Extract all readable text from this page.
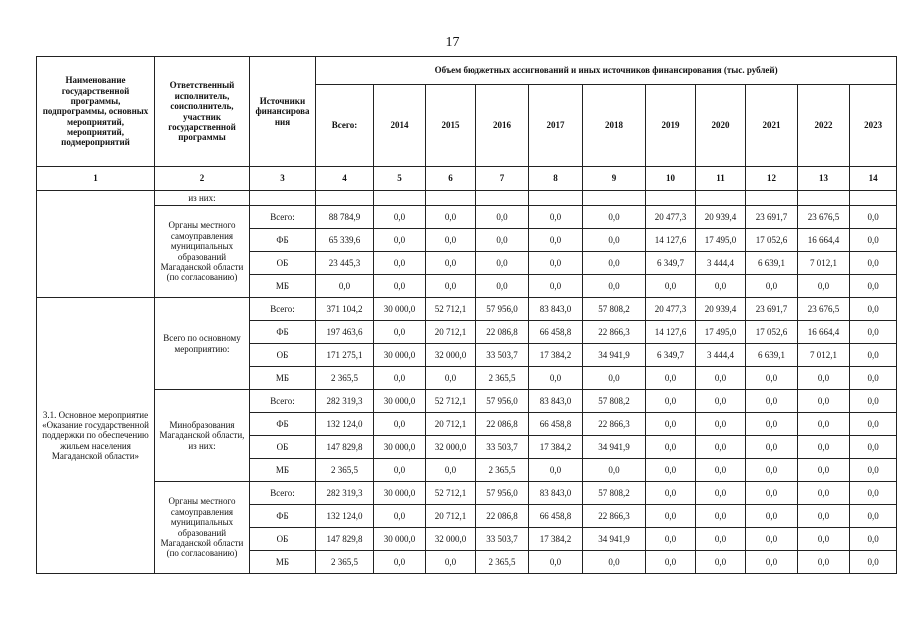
17
Наименование государственной программы, подпрограммы, основных мероприятий, мероприятий, подмероприятий	Ответственный исполнитель, соисполнитель, участник государственной программы	Источники финансирова ния	Объем бюджетных ассигнований и иных источников финансирования (тыс. рублей)										
			Всего:	2014	2015	2016	2017	2018	2019	2020	2021	2022	2023
1	2	3	4	5	6	7	8	9	10	11	12	13	14
	из них:												
	Органы местного самоуправления муниципальных образований Магаданской области (по согласованию)	Всего:	88 784,9	0,0	0,0	0,0	0,0	0,0	20 477,3	20 939,4	23 691,7	23 676,5	0,0
		ФБ	65 339,6	0,0	0,0	0,0	0,0	0,0	14 127,6	17 495,0	17 052,6	16 664,4	0,0
		ОБ	23 445,3	0,0	0,0	0,0	0,0	0,0	6 349,7	3 444,4	6 639,1	7 012,1	0,0
		МБ	0,0	0,0	0,0	0,0	0,0	0,0	0,0	0,0	0,0	0,0	0,0
3.1. Основное мероприятие «Оказание государственной поддержки по обеспечению жильем населения Магаданской области»	Всего по основному мероприятию:	Всего:	371 104,2	30 000,0	52 712,1	57 956,0	83 843,0	57 808,2	20 477,3	20 939,4	23 691,7	23 676,5	0,0
		ФБ	197 463,6	0,0	20 712,1	22 086,8	66 458,8	22 866,3	14 127,6	17 495,0	17 052,6	16 664,4	0,0
		ОБ	171 275,1	30 000,0	32 000,0	33 503,7	17 384,2	34 941,9	6 349,7	3 444,4	6 639,1	7 012,1	0,0
		МБ	2 365,5	0,0	0,0	2 365,5	0,0	0,0	0,0	0,0	0,0	0,0	0,0
	Минобразования Магаданской области, из них:	Всего:	282 319,3	30 000,0	52 712,1	57 956,0	83 843,0	57 808,2	0,0	0,0	0,0	0,0	0,0
		ФБ	132 124,0	0,0	20 712,1	22 086,8	66 458,8	22 866,3	0,0	0,0	0,0	0,0	0,0
		ОБ	147 829,8	30 000,0	32 000,0	33 503,7	17 384,2	34 941,9	0,0	0,0	0,0	0,0	0,0
		МБ	2 365,5	0,0	0,0	2 365,5	0,0	0,0	0,0	0,0	0,0	0,0	0,0
	Органы местного самоуправления муниципальных образований Магаданской области (по согласованию)	Всего:	282 319,3	30 000,0	52 712,1	57 956,0	83 843,0	57 808,2	0,0	0,0	0,0	0,0	0,0
		ФБ	132 124,0	0,0	20 712,1	22 086,8	66 458,8	22 866,3	0,0	0,0	0,0	0,0	0,0
		ОБ	147 829,8	30 000,0	32 000,0	33 503,7	17 384,2	34 941,9	0,0	0,0	0,0	0,0	0,0
		МБ	2 365,5	0,0	0,0	2 365,5	0,0	0,0	0,0	0,0	0,0	0,0	0,0
